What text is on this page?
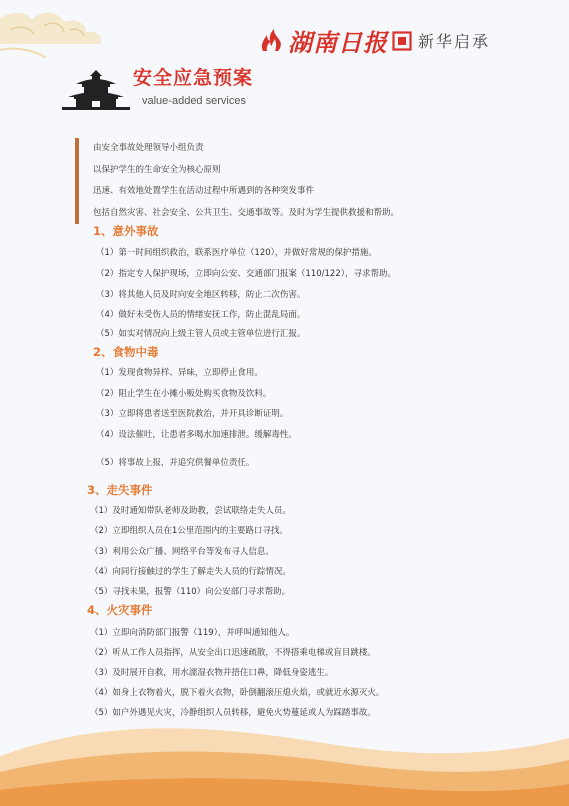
湖南日报 新华启承
安全应急预案
value-added services

由安全事故处理领导小组负责

以保护学生的生命安全为核心原则

迅速、有效地处置学生在活动过程中所遇到的各种突发事件

包括自然灾害、社会安全、公共卫生、交通事故等。及时为学生提供救援和帮助。

1、意外事故

（1）第一时间组织救治，联系医疗单位（120），并做好常规的保护措施。

（2）指定专人保护现场，立即向公安、交通部门报案（110/122），寻求帮助。

（3）将其他人员及时向安全地区转移，防止二次伤害。

（4）做好未受伤人员的情绪安抚工作，防止混乱局面。

（5）如实对情况向上级主管人员或主管单位进行汇报。

2、食物中毒

（1）发现食物异样、异味，立即停止食用。

（2）阻止学生在小摊小贩处购买食物及饮料。

（3）立即将患者送至医院救治，并开具诊断证明。

（4）设法催吐，让患者多喝水加速排泄。缓解毒性。

（5）将事故上报，并追究供餐单位责任。

3、走失事件

（1）及时通知带队老师及助教，尝试联络走失人员。

（2）立即组织人员在1公里范围内的主要路口寻找。

（3）利用公众广播、网络平台等发布寻人信息。

（4）向同行接触过的学生了解走失人员的行踪情况。

（5）寻找未果，报警（110）向公安部门寻求帮助。

4、火灾事件

（1）立即向消防部门报警（119），并呼叫通知他人。

（2）听从工作人员指挥，从安全出口迅速疏散，不得搭乘电梯或盲目跳楼。

（3）及时展开自救，用水濡湿衣物并捂住口鼻，降低身姿逃生。

（4）如身上衣物着火，脱下着火衣物，卧倒翻滚压熄火焰，或就近水源灭火。

（5）如户外遇见火灾，冷静组织人员转移，避免火势蔓延或人为踩踏事故。
